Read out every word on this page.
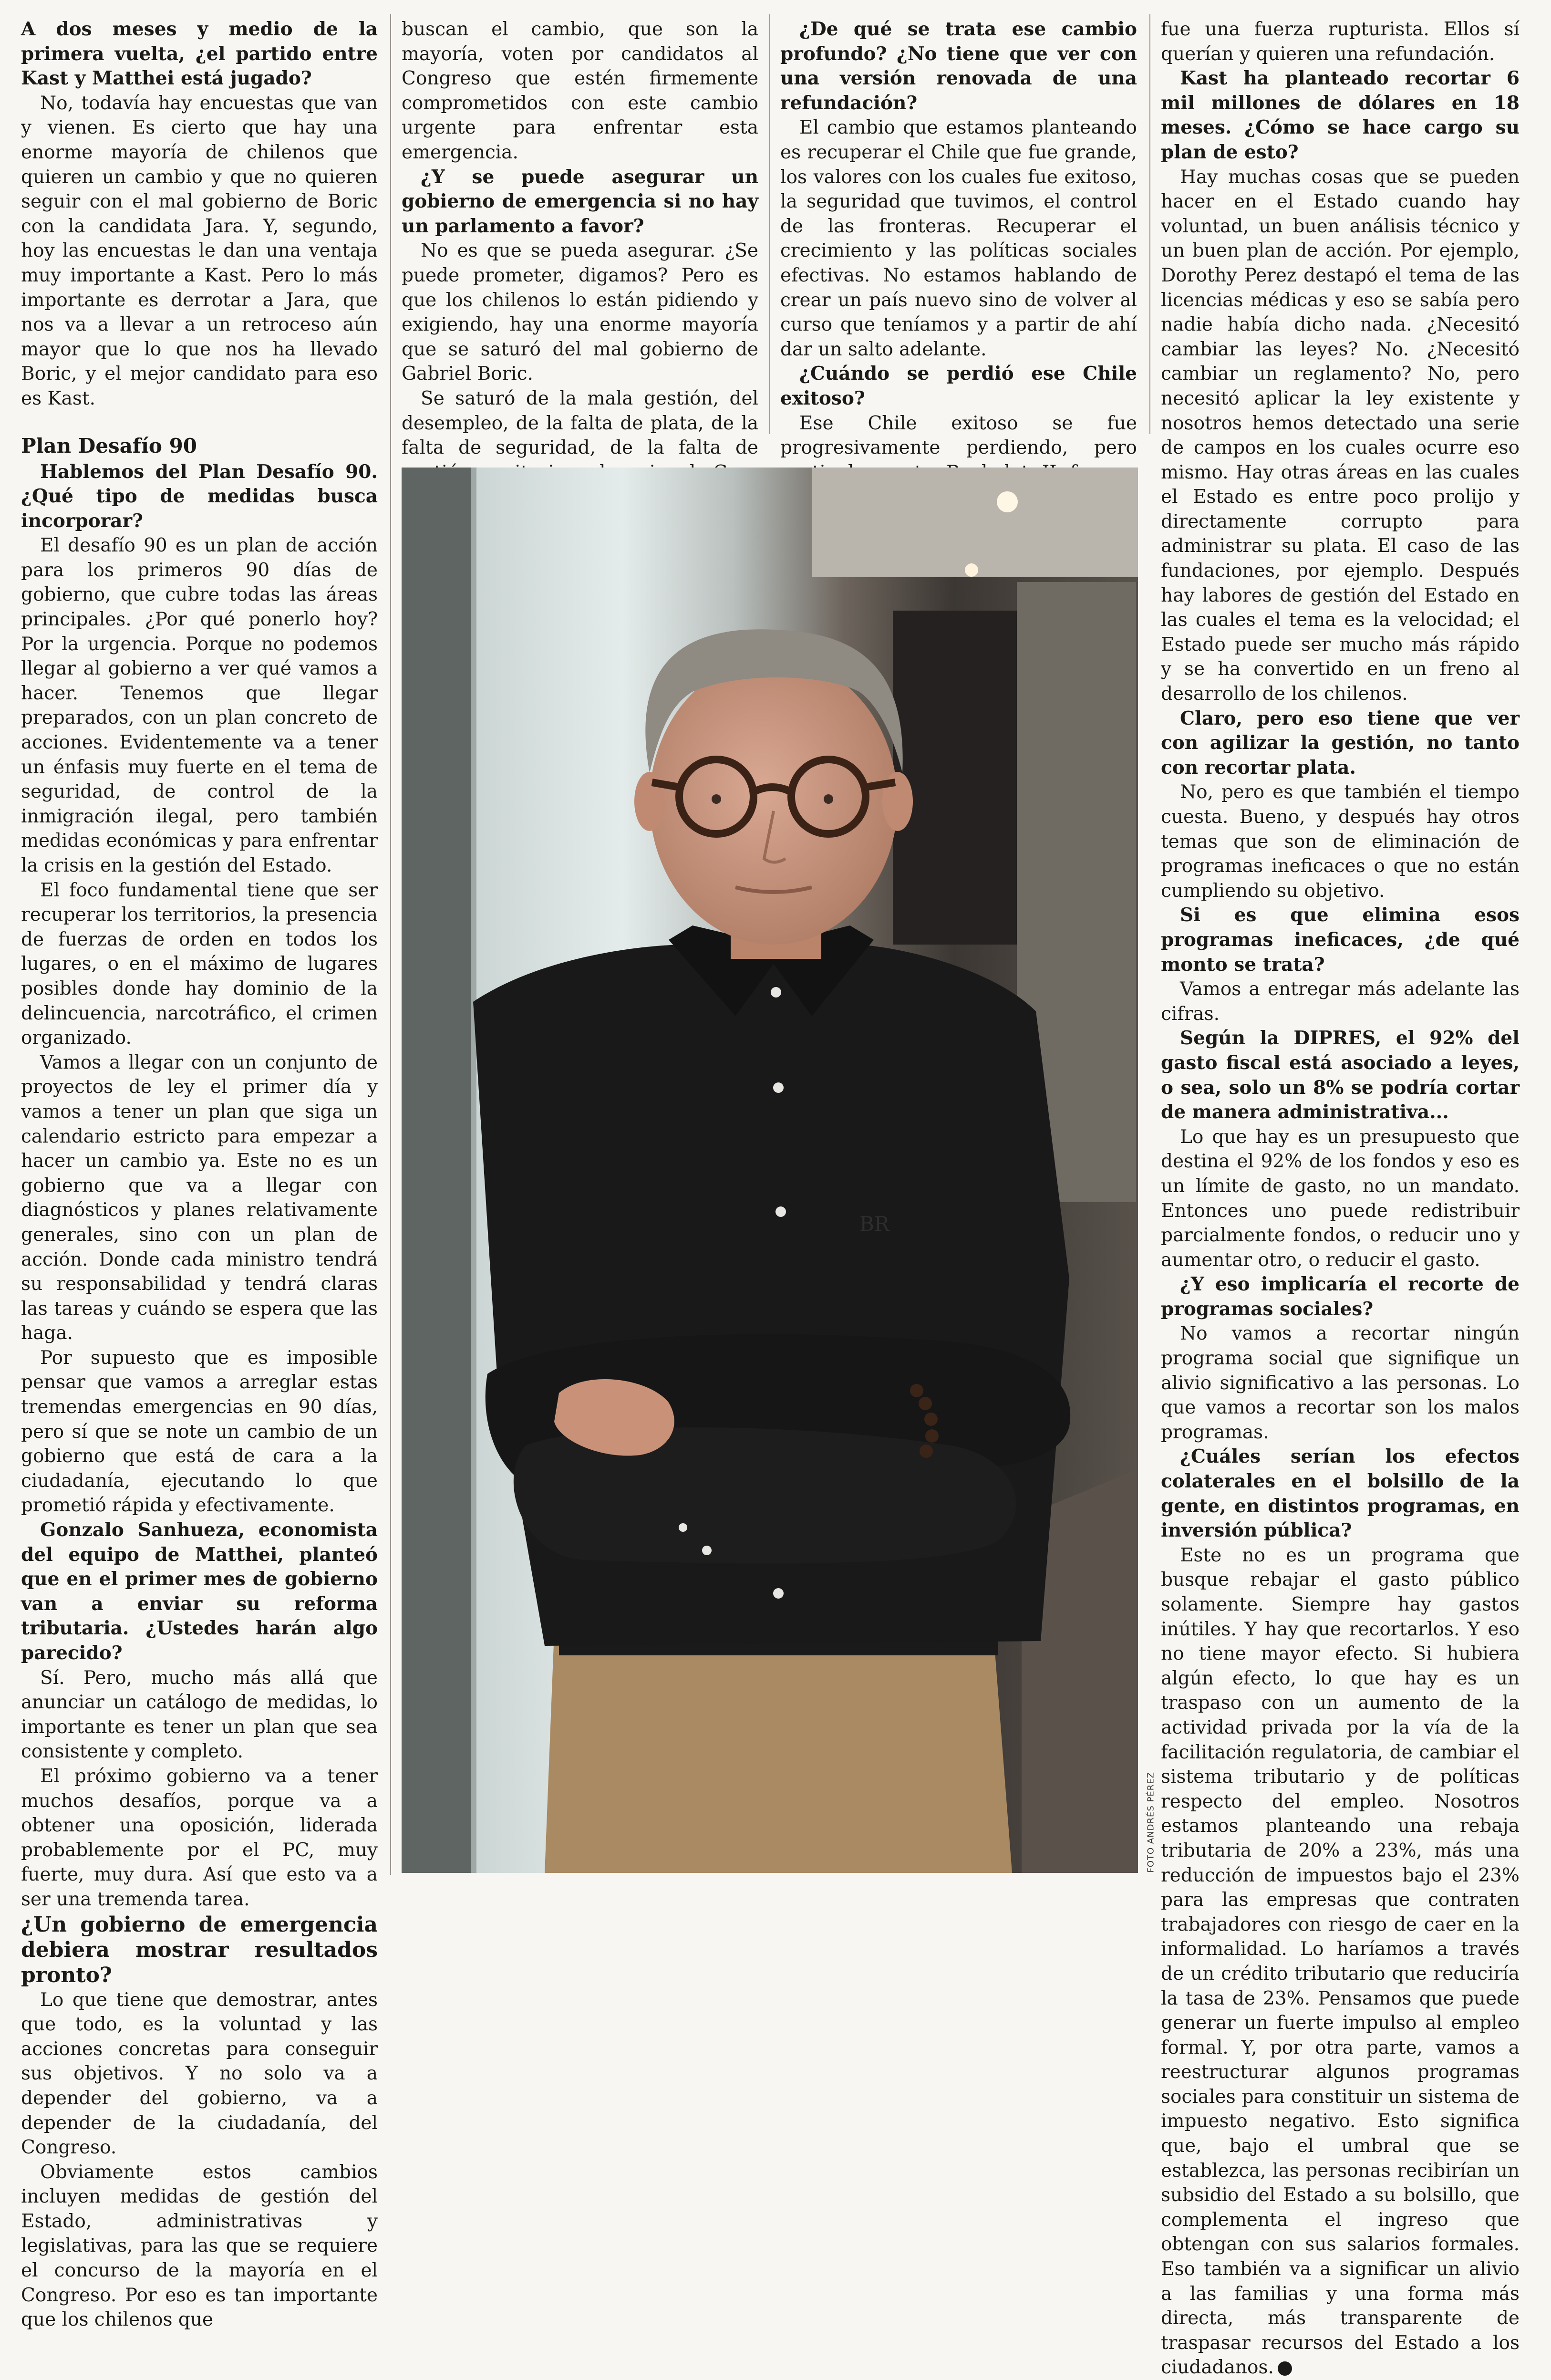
A dos meses y medio de la primera vuelta, ¿el partido entre Kast y Matthei está jugado?

No, todavía hay encuestas que van y vienen. Es cierto que hay una enorme mayoría de chilenos que quieren un cambio y que no quieren seguir con el mal gobierno de Boric con la candidata Jara. Y, segundo, hoy las encuestas le dan una ventaja muy importante a Kast. Pero lo más importante es derrotar a Jara, que nos va a llevar a un retroceso aún mayor que lo que nos ha llevado Boric, y el mejor candidato para eso es Kast.

Plan Desafío 90

Hablemos del Plan Desafío 90. ¿Qué tipo de medidas busca incorporar?

El desafío 90 es un plan de acción para los primeros 90 días de gobierno, que cubre todas las áreas principales. ¿Por qué ponerlo hoy? Por la urgencia. Porque no podemos llegar al gobierno a ver qué vamos a hacer. Tenemos que llegar preparados, con un plan concreto de acciones. Evidentemente va a tener un énfasis muy fuerte en el tema de seguridad, de control de la inmigración ilegal, pero también medidas económicas y para enfrentar la crisis en la gestión del Estado.

El foco fundamental tiene que ser recuperar los territorios, la presencia de fuerzas de orden en todos los lugares, o en el máximo de lugares posibles donde hay dominio de la delincuencia, narcotráfico, el crimen organizado.

Vamos a llegar con un conjunto de proyectos de ley el primer día y vamos a tener un plan que siga un calendario estricto para empezar a hacer un cambio ya. Este no es un gobierno que va a llegar con diagnósticos y planes relativamente generales, sino con un plan de acción. Donde cada ministro tendrá su responsabilidad y tendrá claras las tareas y cuándo se espera que las haga.

Por supuesto que es imposible pensar que vamos a arreglar estas tremendas emergencias en 90 días, pero sí que se note un cambio de un gobierno que está de cara a la ciudadanía, ejecutando lo que prometió rápida y efectivamente.

Gonzalo Sanhueza, economista del equipo de Matthei, planteó que en el primer mes de gobierno van a enviar su reforma tributaria. ¿Ustedes harán algo parecido?

Sí. Pero, mucho más allá que anunciar un catálogo de medidas, lo importante es tener un plan que sea consistente y completo.

El próximo gobierno va a tener muchos desafíos, porque va a obtener una oposición, liderada probablemente por el PC, muy fuerte, muy dura. Así que esto va a ser una tremenda tarea.

¿Un gobierno de emergencia debiera mostrar resultados pronto?

Lo que tiene que demostrar, antes que todo, es la voluntad y las acciones concretas para conseguir sus objetivos. Y no solo va a depender del gobierno, va a depender de la ciudadanía, del Congreso.

Obviamente estos cambios incluyen medidas de gestión del Estado, administrativas y legislativas, para las que se requiere el concurso de la mayoría en el Congreso. Por eso es tan importante que los chilenos que

buscan el cambio, que son la mayoría, voten por candidatos al Congreso que estén firmemente comprometidos con este cambio urgente para enfrentar esta emergencia.

¿Y se puede asegurar un gobierno de emergencia si no hay un parlamento a favor?

No es que se pueda asegurar. ¿Se puede prometer, digamos? Pero es que los chilenos lo están pidiendo y exigiendo, hay una enorme mayoría que se saturó del mal gobierno de Gabriel Boric.

Se saturó de la mala gestión, del desempleo, de la falta de plata, de la falta de seguridad, de la falta de

¿De qué se trata ese cambio profundo? ¿No tiene que ver con una versión renovada de una refundación?

El cambio que estamos planteando es recuperar el Chile que fue grande, los valores con los cuales fue exitoso, la seguridad que tuvimos, el control de las fronteras. Recuperar el crecimiento y las políticas sociales efectivas. No estamos hablando de crear un país nuevo sino de volver al curso que teníamos y a partir de ahí dar un salto adelante.

¿Cuándo se perdió ese Chile exitoso?

Ese Chile exitoso se fue progresivamente perdiendo, pero

fue una fuerza rupturista. Ellos sí querían y quieren una refundación.

Kast ha planteado recortar 6 mil millones de dólares en 18 meses. ¿Cómo se hace cargo su plan de esto?

Hay muchas cosas que se pueden hacer en el Estado cuando hay voluntad, un buen análisis técnico y un buen plan de acción. Por ejemplo, Dorothy Perez destapó el tema de las licencias médicas y eso se sabía pero nadie había dicho nada. ¿Necesitó cambiar las leyes? No. ¿Necesitó cambiar un reglamento? No, pero necesitó aplicar la ley existente y nosotros hemos detectado una serie de campos en los cuales ocurre eso mismo. Hay otras áreas en las cuales el Estado es entre poco prolijo y directamente corrupto para administrar su plata. El caso de las fundaciones, por ejemplo. Después hay labores de gestión del Estado en las cuales el tema es la velocidad; el Estado puede ser mucho más rápido y se ha convertido en un freno al desarrollo de los chilenos.

Claro, pero eso tiene que ver con agilizar la gestión, no tanto con recortar plata.

No, pero es que también el tiempo cuesta. Bueno, y después hay otros temas que son de eliminación de programas ineficaces o que no están cumpliendo su objetivo.

Si es que elimina esos programas ineficaces, ¿de qué monto se trata?

Vamos a entregar más adelante las cifras.

Según la DIPRES, el 92% del gasto fiscal está asociado a leyes, o sea, solo un 8% se podría cortar de manera administrativa...

Lo que hay es un presupuesto que destina el 92% de los fondos y eso es un límite de gasto, no un mandato. Entonces uno puede redistribuir parcialmente fondos, o reducir uno y aumentar otro, o reducir el gasto.

¿Y eso implicaría el recorte de programas sociales?

No vamos a recortar ningún programa social que signifique un alivio significativo a las personas. Lo que vamos a recortar son los malos programas.

¿Cuáles serían los efectos colaterales en el bolsillo de la gente, en distintos programas, en inversión pública?

Este no es un programa que busque rebajar el gasto público solamente. Siempre hay gastos inútiles. Y hay que recortarlos. Y eso no tiene mayor efecto. Si hubiera algún efecto, lo que hay es un traspaso con un aumento de la actividad privada por la vía de la facilitación regulatoria, de cambiar el sistema tributario y de políticas respecto del empleo. Nosotros estamos planteando una rebaja tributaria de 20% a 23%, más una reducción de impuestos bajo el 23% para las empresas que contraten trabajadores con riesgo de caer en la informalidad. Lo haríamos a través de un crédito tributario que reduciría la tasa de 23%. Pensamos que puede generar un fuerte impulso al empleo formal. Y, por otra parte, vamos a reestructurar algunos programas sociales para constituir un sistema de impuesto negativo. Esto significa que, bajo el umbral que se establezca, las personas recibirían un subsidio del Estado a su bolsillo, que complementa el ingreso que obtengan con sus salarios formales. Eso también va a significar un alivio a las familias y una forma más directa, más transparente de traspasar recursos del Estado a los ciudadanos. ◆

BR
FOTO ANDRÉS PÉREZ
